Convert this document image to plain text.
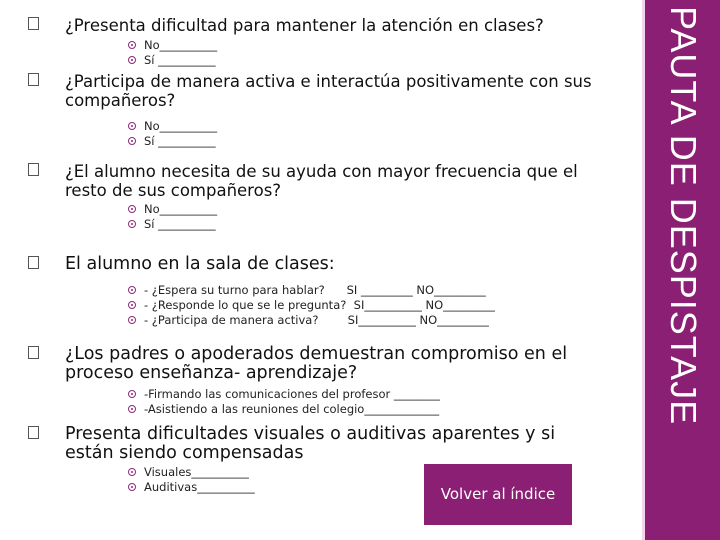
¿Presenta dificultad para mantener la atención en clases?
No__________
Sí __________
¿Participa de manera activa e interactúa positivamente con sus compañeros?
No__________
Sí __________
¿El alumno necesita de su ayuda con mayor frecuencia que el resto de sus compañeros?
No__________
Sí __________
El alumno en la sala de clases:
- ¿Espera su turno para hablar?      SI _________ NO_________
- ¿Responde lo que se le pregunta?  SI__________ NO_________
- ¿Participa de manera activa?        SI__________ NO_________
¿Los padres o apoderados demuestran compromiso en el proceso enseñanza- aprendizaje?
-Firmando las comunicaciones del profesor ________
-Asistiendo a las reuniones del colegio_____________
Presenta dificultades visuales o auditivas aparentes y si están siendo compensadas
Visuales__________
Auditivas__________	Volver al índice
PAUTA DE DESPISTAJE
